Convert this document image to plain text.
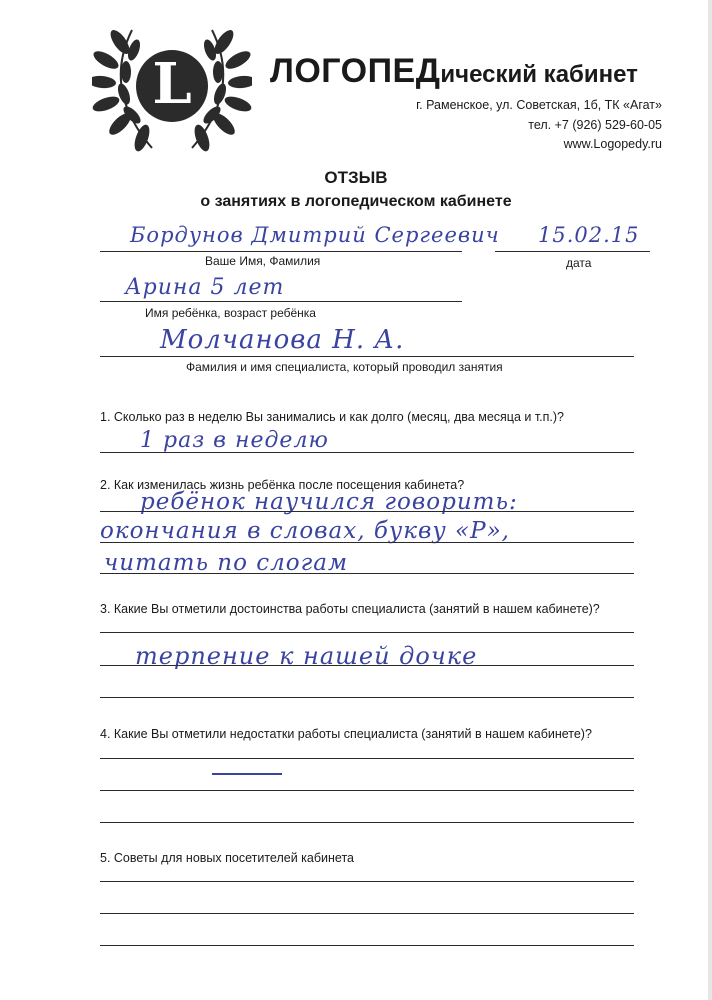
L	ЛОГОПЕДический кабинет
г. Раменское, ул. Советская, 1б, ТК «Агат»
тел. +7 (926) 529-60-05
www.Logopedy.ru
ОТЗЫВ
о занятиях в логопедическом кабинете
Бордунов Дмитрий Сергеевич
Ваше Имя, Фамилия
15.02.15
дата
Арина 5 лет
Имя ребёнка, возраст ребёнка
Молчанова Н. А.
Фамилия и имя специалиста, который проводил занятия
1. Сколько раз в неделю Вы занимались и как долго (месяц, два месяца и т.п.)?
1 раз в неделю
2. Как изменилась жизнь ребёнка после посещения кабинета?
ребёнок научился говорить:
окончания в словах, букву «Р»,
читать по слогам
3. Какие Вы отметили достоинства работы специалиста (занятий в нашем кабинете)?
терпение к нашей дочке
4. Какие Вы отметили недостатки работы специалиста (занятий в нашем кабинете)?
5. Советы для новых посетителей кабинета
